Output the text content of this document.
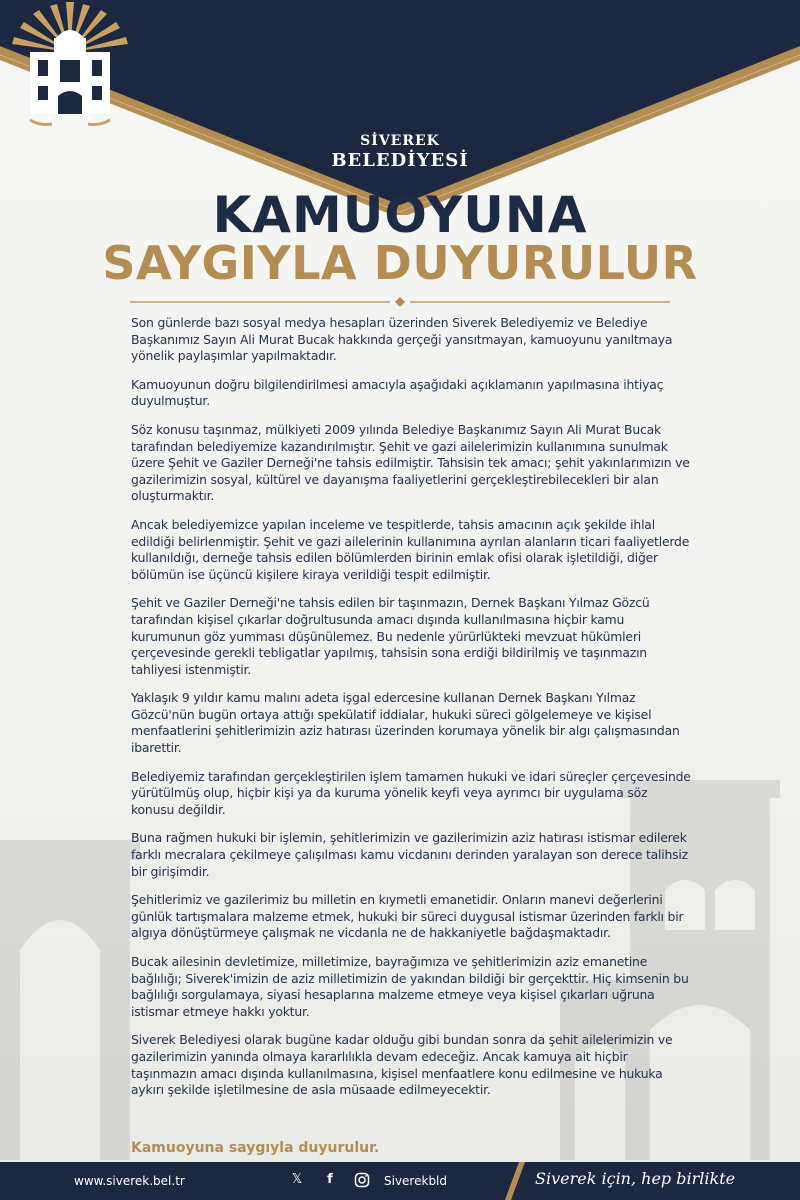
✦	✦
✦	✦
SİVEREK
BELEDİYESİ
KAMUOYUNA
SAYGIYLA DUYURULUR

Son günlerde bazı sosyal medya hesapları üzerinden Siverek Belediyemiz ve Belediye Başkanımız Sayın Ali Murat Bucak hakkında gerçeği yansıtmayan, kamuoyunu yanıltmaya yönelik paylaşımlar yapılmaktadır.

Kamuoyunun doğru bilgilendirilmesi amacıyla aşağıdaki açıklamanın yapılmasına ihtiyaç duyulmuştur.

Söz konusu taşınmaz, mülkiyeti 2009 yılında Belediye Başkanımız Sayın Ali Murat Bucak tarafından belediyemize kazandırılmıştır. Şehit ve gazi ailelerimizin kullanımına sunulmak üzere Şehit ve Gaziler Derneği'ne tahsis edilmiştir. Tahsisin tek amacı; şehit yakınlarımızın ve gazilerimizin sosyal, kültürel ve dayanışma faaliyetlerini gerçekleştirebilecekleri bir alan oluşturmaktır.

Ancak belediyemizce yapılan inceleme ve tespitlerde, tahsis amacının açık şekilde ihlal edildiği belirlenmiştir. Şehit ve gazi ailelerinin kullanımına ayrılan alanların ticari faaliyetlerde kullanıldığı, derneğe tahsis edilen bölümlerden birinin emlak ofisi olarak işletildiği, diğer bölümün ise üçüncü kişilere kiraya verildiği tespit edilmiştir.

Şehit ve Gaziler Derneği'ne tahsis edilen bir taşınmazın, Dernek Başkanı Yılmaz Gözcü tarafından kişisel çıkarlar doğrultusunda amacı dışında kullanılmasına hiçbir kamu kurumunun göz yumması düşünülemez. Bu nedenle yürürlükteki mevzuat hükümleri çerçevesinde gerekli tebligatlar yapılmış, tahsisin sona erdiği bildirilmiş ve taşınmazın tahliyesi istenmiştir.

Yaklaşık 9 yıldır kamu malını adeta işgal edercesine kullanan Dernek Başkanı Yılmaz Gözcü'nün bugün ortaya attığı spekülatif iddialar, hukuki süreci gölgelemeye ve kişisel menfaatlerini şehitlerimizin aziz hatırası üzerinden korumaya yönelik bir algı çalışmasından ibarettir.

Belediyemiz tarafından gerçekleştirilen işlem tamamen hukuki ve idari süreçler çerçevesinde yürütülmüş olup, hiçbir kişi ya da kuruma yönelik keyfi veya ayrımcı bir uygulama söz konusu değildir.

Buna rağmen hukuki bir işlemin, şehitlerimizin ve gazilerimizin aziz hatırası istismar edilerek farklı mecralara çekilmeye çalışılması kamu vicdanını derinden yaralayan son derece talihsiz bir girişimdir.

Şehitlerimiz ve gazilerimiz bu milletin en kıymetli emanetidir. Onların manevi değerlerini günlük tartışmalara malzeme etmek, hukuki bir süreci duygusal istismar üzerinden farklı bir algıya dönüştürmeye çalışmak ne vicdanla ne de hakkaniyetle bağdaşmaktadır.

Bucak ailesinin devletimize, milletimize, bayrağımıza ve şehitlerimizin aziz emanetine bağlılığı; Siverek'imizin de aziz milletimizin de yakından bildiği bir gerçekttir. Hiç kimsenin bu bağlılığı sorgulamaya, siyasi hesaplarına malzeme etmeye veya kişisel çıkarları uğruna istismar etmeye hakkı yoktur.

Siverek Belediyesi olarak bugüne kadar olduğu gibi bundan sonra da şehit ailelerimizin ve gazilerimizin yanında olmaya kararlılıkla devam edeceğiz. Ancak kamuya ait hiçbir taşınmazın amacı dışında kullanılmasına, kişisel menfaatlere konu edilmesine ve hukuka aykırı şekilde işletilmesine de asla müsaade edilmeyecektir.

Kamuoyuna saygıyla duyurulur.
www.siverek.bel.tr	𝕏	f	Siverekbld	Siverek için, hep birlikte
